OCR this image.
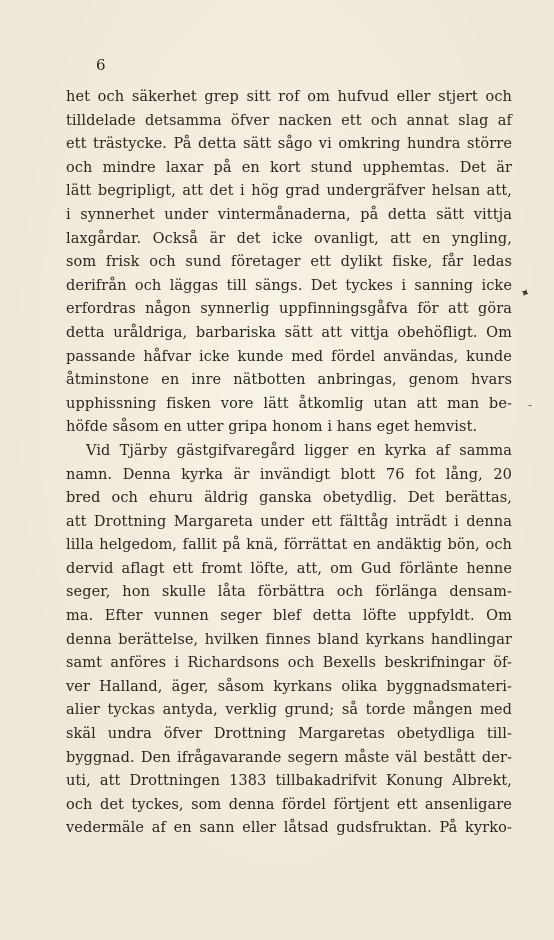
6
het och säkerhet grep sitt rof om hufvud eller stjert och
tilldelade detsamma öfver nacken ett och annat slag af
ett trästycke. På detta sätt sågo vi omkring hundra större
och mindre laxar på en kort stund upphemtas. Det är
lätt begripligt, att det i hög grad undergräfver helsan att,
i synnerhet under vintermånaderna, på detta sätt vittja
laxgårdar. Också är det icke ovanligt, att en yngling,
som frisk och sund företager ett dylikt fiske, får ledas
derifrån och läggas till sängs. Det tyckes i sanning icke
erfordras någon synnerlig uppfinningsgåfva för att göra
detta uråldriga, barbariska sätt att vittja obehöfligt. Om
passande håfvar icke kunde med fördel användas, kunde
åtminstone en inre nätbotten anbringas, genom hvars
upphissning fisken vore lätt åtkomlig utan att man be-
höfde såsom en utter gripa honom i hans eget hemvist.
Vid Tjärby gästgifvaregård ligger en kyrka af samma
namn. Denna kyrka är invändigt blott 76 fot lång, 20
bred och ehuru äldrig ganska obetydlig. Det berättas,
att Drottning Margareta under ett fälttåg inträdt i denna
lilla helgedom, fallit på knä, förrättat en andäktig bön, och
dervid aflagt ett fromt löfte, att, om Gud förlänte henne
seger, hon skulle låta förbättra och förlänga densam-
ma. Efter vunnen seger blef detta löfte uppfyldt. Om
denna berättelse, hvilken finnes bland kyrkans handlingar
samt anföres i Richardsons och Bexells beskrifningar öf-
ver Halland, äger, såsom kyrkans olika byggnadsmateri-
alier tyckas antyda, verklig grund; så torde mången med
skäl undra öfver Drottning Margaretas obetydliga till-
byggnad. Den ifrågavarande segern måste väl bestått der-
uti, att Drottningen 1383 tillbakadrifvit Konung Albrekt,
och det tyckes, som denna fördel förtjent ett ansenligare
vedermäle af en sann eller låtsad gudsfruktan. På kyrko-
✦
-
